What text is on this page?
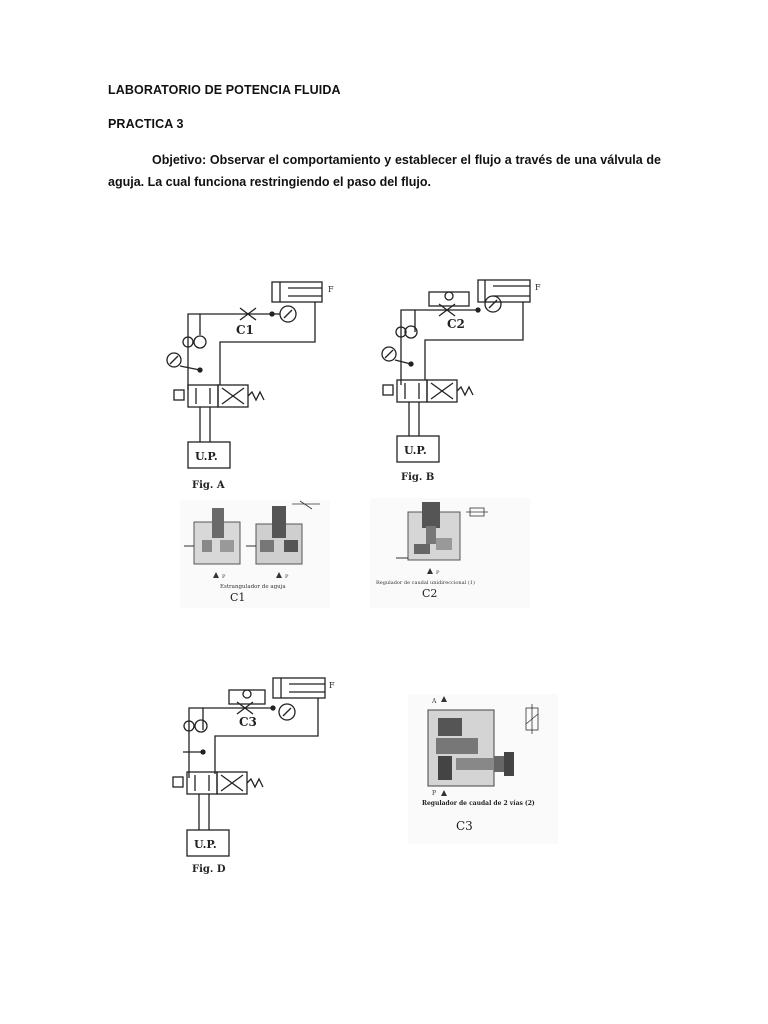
LABORATORIO DE POTENCIA FLUIDA
PRACTICA 3
Objetivo: Observar el comportamiento y establecer el flujo a través de una válvula de aguja. La cual funciona restringiendo el paso del flujo.
F
C1
U.P.
Fig. A
F
C2
U.P.
Fig. B
P	P
Estrangulador de aguja
C1
P
Regulador de caudal unidireccional (1)
C2
F
C3
U.P.
Fig. D
A
P
Regulador de caudal de 2 vías (2)
C3
